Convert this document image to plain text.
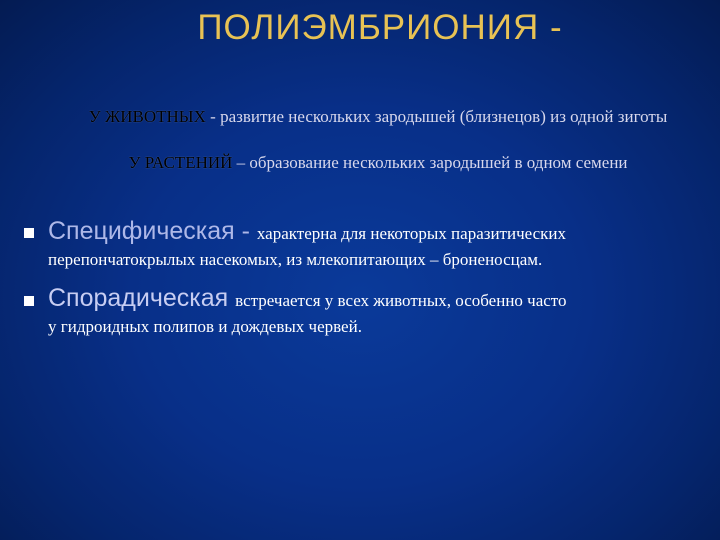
ПОЛИЭМБРИОНИЯ -
У ЖИВОТНЫХ - развитие нескольких зародышей (близнецов) из одной зиготы
У РАСТЕНИЙ – образование нескольких зародышей в одном семени
Специфическая - характерна для некоторых паразитических
перепончатокрылых насекомых, из млекопитающих – броненосцам.
Спорадическая встречается у всех животных, особенно часто
у гидроидных полипов и дождевых червей.
